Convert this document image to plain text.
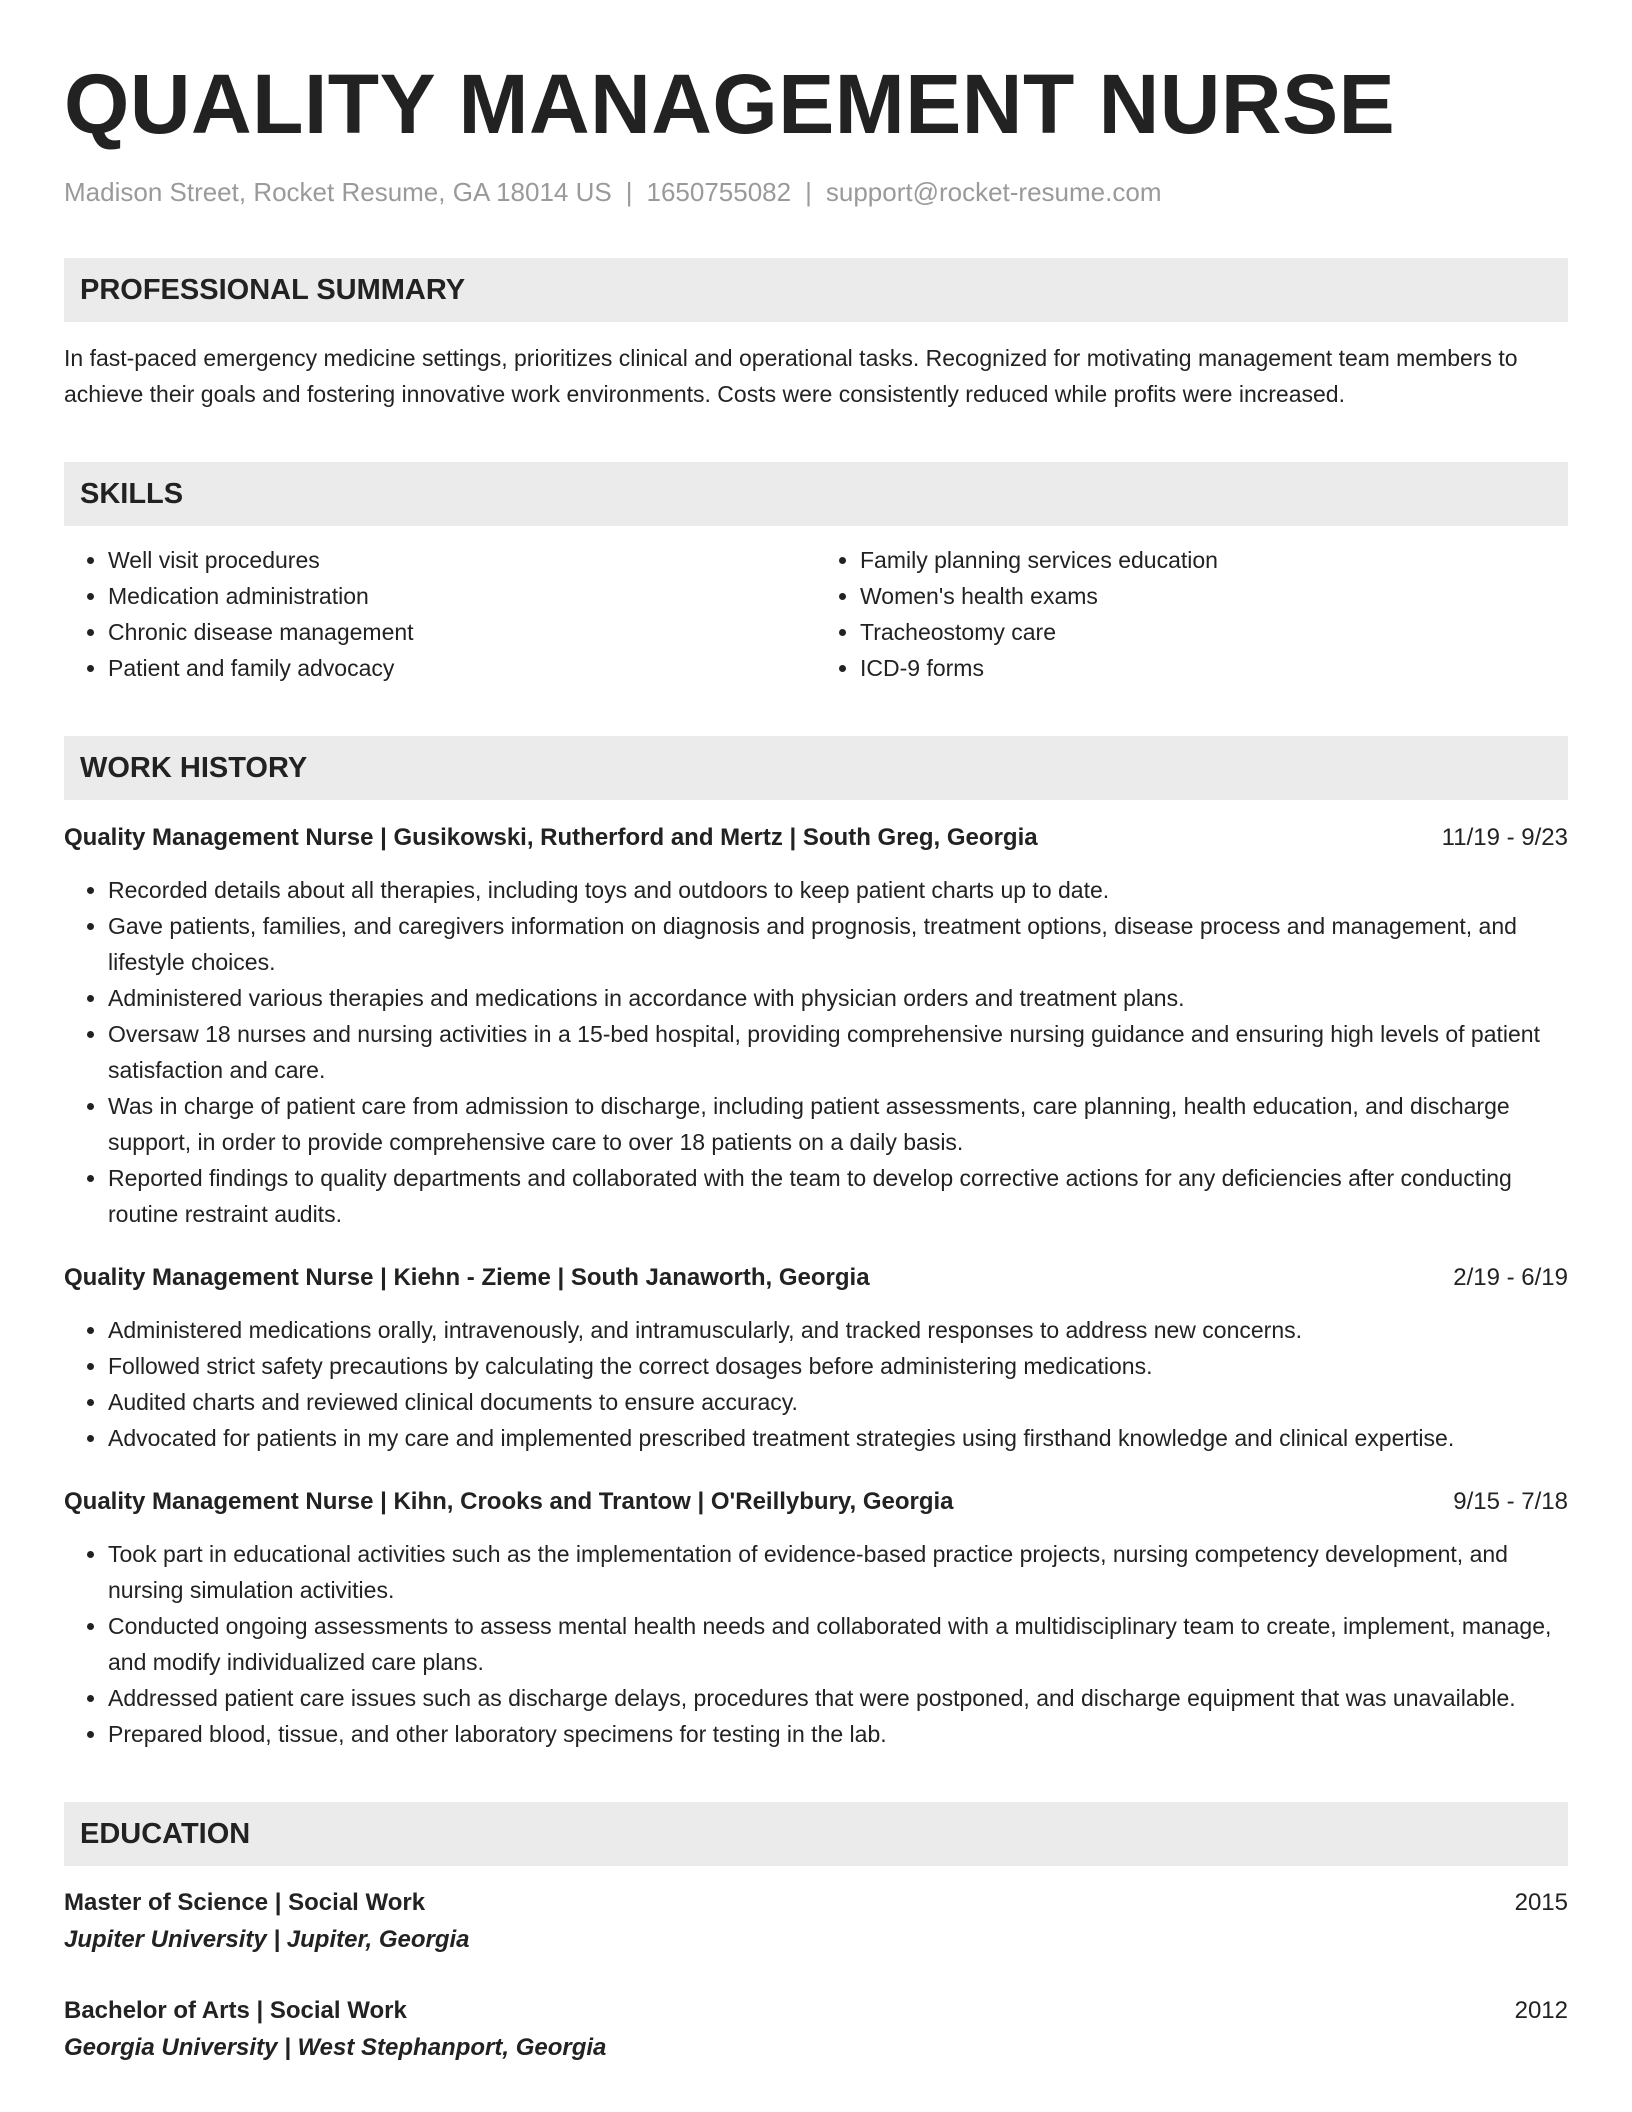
QUALITY MANAGEMENT NURSE
Madison Street, Rocket Resume, GA 18014 US | 1650755082 | support@rocket-resume.com
PROFESSIONAL SUMMARY
In fast-paced emergency medicine settings, prioritizes clinical and operational tasks. Recognized for motivating management team members to achieve their goals and fostering innovative work environments. Costs were consistently reduced while profits were increased.
SKILLS
• Well visit procedures
• Medication administration
• Chronic disease management
• Patient and family advocacy
• Family planning services education
• Women's health exams
• Tracheostomy care
• ICD-9 forms
WORK HISTORY
Quality Management Nurse | Gusikowski, Rutherford and Mertz | South Greg, Georgia	11/19 - 9/23
• Recorded details about all therapies, including toys and outdoors to keep patient charts up to date.
• Gave patients, families, and caregivers information on diagnosis and prognosis, treatment options, disease process and management, and lifestyle choices.
• Administered various therapies and medications in accordance with physician orders and treatment plans.
• Oversaw 18 nurses and nursing activities in a 15-bed hospital, providing comprehensive nursing guidance and ensuring high levels of patient satisfaction and care.
• Was in charge of patient care from admission to discharge, including patient assessments, care planning, health education, and discharge support, in order to provide comprehensive care to over 18 patients on a daily basis.
• Reported findings to quality departments and collaborated with the team to develop corrective actions for any deficiencies after conducting routine restraint audits.
Quality Management Nurse | Kiehn - Zieme | South Janaworth, Georgia	2/19 - 6/19
• Administered medications orally, intravenously, and intramuscularly, and tracked responses to address new concerns.
• Followed strict safety precautions by calculating the correct dosages before administering medications.
• Audited charts and reviewed clinical documents to ensure accuracy.
• Advocated for patients in my care and implemented prescribed treatment strategies using firsthand knowledge and clinical expertise.
Quality Management Nurse | Kihn, Crooks and Trantow | O'Reillybury, Georgia	9/15 - 7/18
• Took part in educational activities such as the implementation of evidence-based practice projects, nursing competency development, and nursing simulation activities.
• Conducted ongoing assessments to assess mental health needs and collaborated with a multidisciplinary team to create, implement, manage, and modify individualized care plans.
• Addressed patient care issues such as discharge delays, procedures that were postponed, and discharge equipment that was unavailable.
• Prepared blood, tissue, and other laboratory specimens for testing in the lab.
EDUCATION
Master of Science | Social Work	2015
Jupiter University | Jupiter, Georgia
Bachelor of Arts | Social Work	2012
Georgia University | West Stephanport, Georgia
